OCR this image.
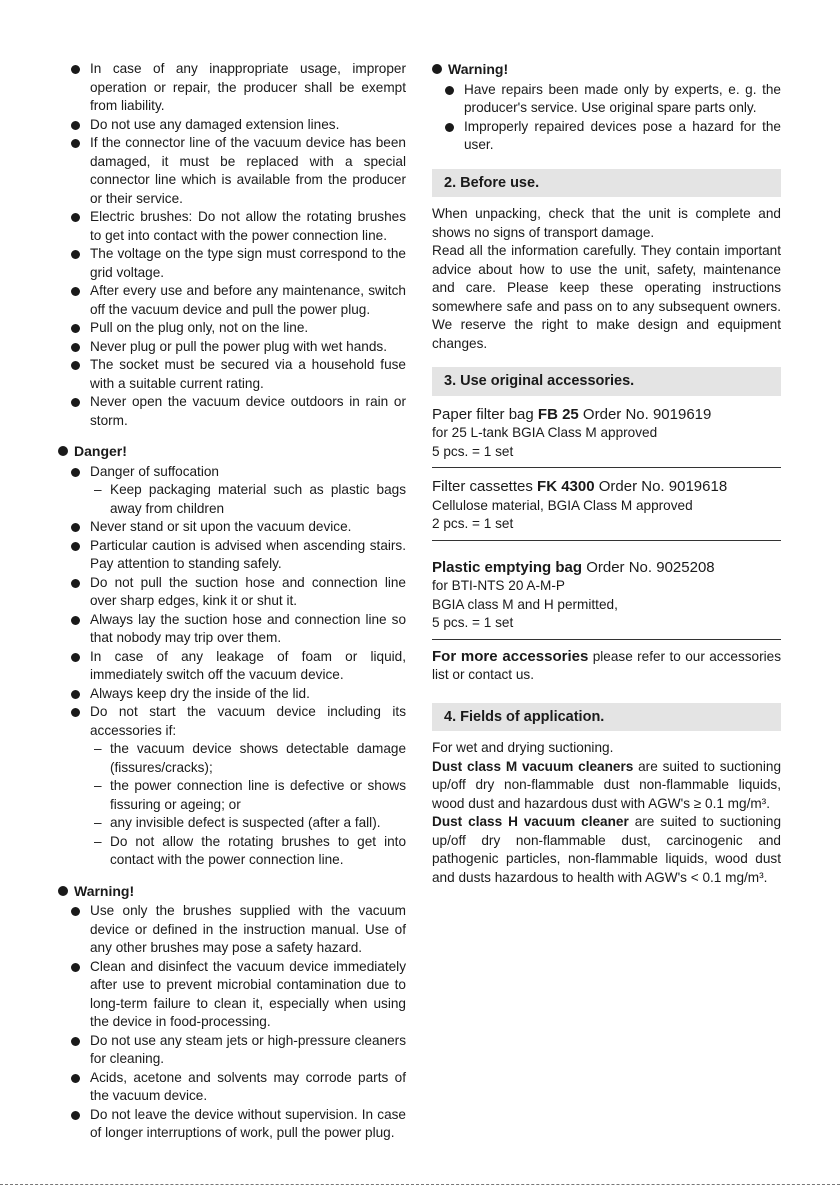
In case of any inappropriate usage, improper operation or repair, the producer shall be exempt from liability.
Do not use any damaged extension lines.
If the connector line of the vacuum device has been damaged, it must be replaced with a special connector line which is available from the producer or their service.
Electric brushes: Do not allow the rotating brushes to get into contact with the power connection line.
The voltage on the type sign must correspond to the grid voltage.
After every use and before any maintenance, switch off the vacuum device and pull the power plug.
Pull on the plug only, not on the line.
Never plug or pull the power plug with wet hands.
The socket must be secured via a household fuse with a suitable current rating.
Never open the vacuum device outdoors in rain or storm.
Danger!
Danger of suffocation
– Keep packaging material such as plastic bags away from children
Never stand or sit upon the vacuum device.
Particular caution is advised when ascending stairs. Pay attention to standing safely.
Do not pull the suction hose and connection line over sharp edges, kink it or shut it.
Always lay the suction hose and connection line so that nobody may trip over them.
In case of any leakage of foam or liquid, immediately switch off the vacuum device.
Always keep dry the inside of the lid.
Do not start the vacuum device including its accessories if:
– the vacuum device shows detectable damage (fissures/cracks);
– the power connection line is defective or shows fissuring or ageing; or
– any invisible defect is suspected (after a fall).
– Do not allow the rotating brushes to get into contact with the power connection line.
Warning!
Use only the brushes supplied with the vacuum device or defined in the instruction manual. Use of any other brushes may pose a safety hazard.
Clean and disinfect the vacuum device immediately after use to prevent microbial contamination due to long-term failure to clean it, especially when using the device in food-processing.
Do not use any steam jets or high-pressure cleaners for cleaning.
Acids, acetone and solvents may corrode parts of the vacuum device.
Do not leave the device without supervision. In case of longer interruptions of work, pull the power plug.
Warning!
Have repairs been made only by experts, e. g. the producer's service. Use original spare parts only.
Improperly repaired devices pose a hazard for the user.
2. Before use.
When unpacking, check that the unit is complete and shows no signs of transport damage.
Read all the information carefully. They contain important advice about how to use the unit, safety, maintenance and care. Please keep these operating instructions somewhere safe and pass on to any subsequent owners. We reserve the right to make design and equipment changes.
3. Use original accessories.
Paper filter bag FB 25 Order No. 9019619
for 25 L-tank BGIA Class M approved
5 pcs. = 1 set
Filter cassettes FK 4300 Order No. 9019618
Cellulose material, BGIA Class M approved
2 pcs. = 1 set
Plastic emptying bag Order No. 9025208
for BTI-NTS 20 A-M-P
BGIA class M and H permitted,
5 pcs. = 1 set
For more accessories please refer to our accessories list or contact us.
4. Fields of application.
For wet and drying suctioning.
Dust class M vacuum cleaners are suited to suctioning up/off dry non-flammable dust non-flammable liquids, wood dust and hazardous dust with AGW's ≥ 0.1 mg/m³.
Dust class H vacuum cleaner are suited to suctioning up/off dry non-flammable dust, carcinogenic and pathogenic particles, non-flammable liquids, wood dust and dusts hazardous to health with AGW's < 0.1 mg/m³.
